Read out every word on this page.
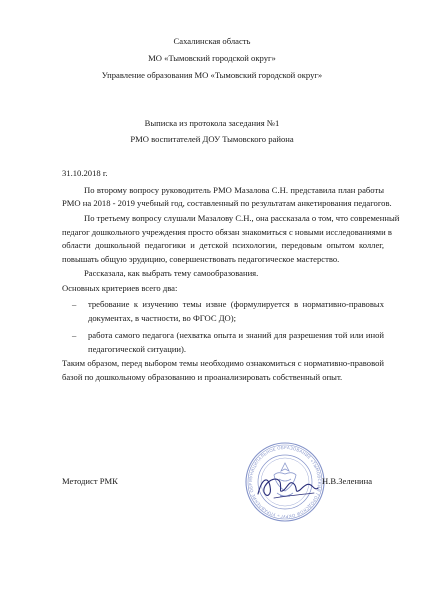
Сахалинская область
МО «Тымовский городской округ»
Управление образования МО «Тымовский городской округ»
Выписка из протокола заседания №1
РМО воспитателей ДОУ Тымовского района
31.10.2018 г.
По второму вопросу руководитель РМО Мазалова С.Н. представила план работы
РМО на 2018 - 2019 учебный год, составленный по результатам анкетирования педагогов.
По третьему вопросу слушали Мазалову С.Н., она рассказала о том, что современный
педагог дошкольного учреждения просто обязан знакомиться с новыми исследованиями в
области дошкольной педагогики и детской психологии, передовым опытом коллег,
повышать общую эрудицию, совершенствовать педагогическое мастерство.
Рассказала, как выбрать тему самообразования.
Основных критериев всего два:
– требование к изучению темы извне (формулируется в нормативно-правовых
документах, в частности, во ФГОС ДО);
– работа самого педагога (нехватка опыта и знаний для разрешения той или иной
педагогической ситуации).
Таким образом, перед выбором темы необходимо ознакомиться с нормативно-правовой
базой по дошкольному образованию и проанализировать собственный опыт.
МУНИЦИПАЛЬНОЕ ОБРАЗОВАНИЕ «ТЫМОВСКИЙ ГОРОДСКОЙ ОКРУГ» УПРАВЛЕНИЕ ОБР
Методист РМК	Н.В.Зеленина
